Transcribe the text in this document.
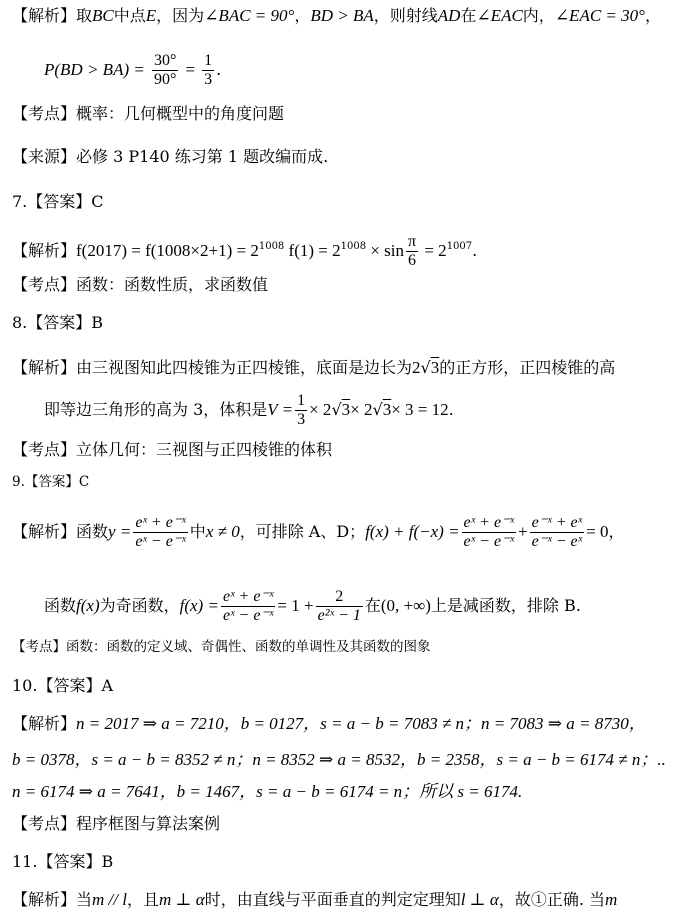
【解析】取BC中点E，因为∠BAC = 90°，BD > BA，则射线AD在∠EAC内，∠EAC = 30°，
$P(BD > BA) = \frac{30^\circ}{90^\circ} = \frac{1}{3}$ .
【考点】概率：几何概型中的角度问题
【来源】必修 3 P140 练习第 1 题改编而成.
7.【答案】C
【解析】$f(2017) = f(1008\times 2+1) = 2^{1008}$ $f(1) = 2^{1008} \times \sin \frac{\pi}{6} = 2^{1007}$.
【考点】函数：函数性质，求函数值
8.【答案】B
【解析】由三视图知此四棱锥为正四棱锥，底面是边长为2√3的正方形，正四棱锥的高
即等边三角形的高为 3，体积是$V = \frac{1}{3} \times 2√3\times 2√3\times 3 = 12$.
【考点】立体几何：三视图与正四棱锥的体积
9.【答案】C
【解析】函数$y = \frac{\text{eˣ + e⁻ˣ}}{\text{eˣ − e⁻ˣ}}$ 中x ≠ 0，可排除 A、D；$f(x) + f(-x) = \frac{\text{eˣ + e⁻ˣ}}{\text{eˣ − e⁻ˣ}} + \frac{\text{e⁻ˣ + eˣ}}{\text{e⁻ˣ − eˣ}} = 0$，
函数f(x)为奇函数，$f(x) = \frac{\text{eˣ + e⁻ˣ}}{\text{eˣ − e⁻ˣ}} = 1 + \frac{2}{\text{e²ˣ − 1}}$ 在(0, +∞)上是减函数，排除 B.
【考点】函数：函数的定义域、奇偶性、函数的单调性及其函数的图象
10.【答案】A
【解析】n = 2017 ⇒ a = 7210，b = 0127，s = a − b = 7083 ≠ n；n = 7083 ⇒ a = 8730，
b = 0378，s = a − b = 8352 ≠ n；n = 8352 ⇒ a = 8532，b = 2358，s = a − b = 6174 ≠ n；..
n = 6174 ⇒ a = 7641，b = 1467，s = a − b = 6174 = n；所以 s = 6174.
【考点】程序框图与算法案例
11.【答案】B
【解析】当m // l，且m ⊥ α时，由直线与平面垂直的判定定理知l ⊥ α，故①正确. 当m
